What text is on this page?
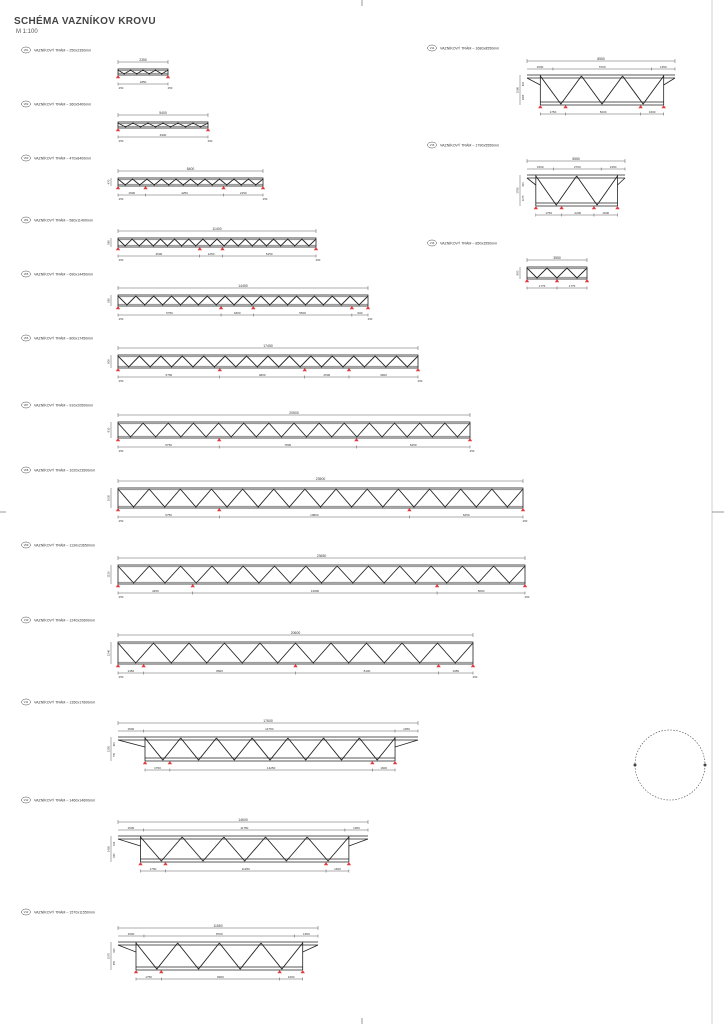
SCHÉMA VAZNÍKOV KROVU
M 1:100
V01 VAZNÍKOVÝ TRÁM – 250x2350mm
2350
1850
250	250
V02 VAZNÍKOVÝ TRÁM – 360x5400mm
5400
4900
250	250
V03 VAZNÍKOVÝ TRÁM – 470x8400mm
8400
1500	4250	2150
250	250
470
V04 VAZNÍKOVÝ TRÁM – 580x11400mm
11400
4500	1250	5150
250	250
580
V05 VAZNÍKOVÝ TRÁM – 690x14450mm
14450
5750	1800	5500	900
250	250
690
V06 VAZNÍKOVÝ TRÁM – 800x17450mm
17450
5750	4800	2500	3900
250	250
800
V07 VAZNÍKOVÝ TRÁM – 910x20500mm
20500
5750	7800	6450
250	250
910
V08 VAZNÍKOVÝ TRÁM – 1020x23500mm
23500
5750	10800	6450
250	250
1020
V09 VAZNÍKOVÝ TRÁM – 1130x23650mm
23650
4250	13900	5000
250	250
1130
V10 VAZNÍKOVÝ TRÁM – 1240x20600mm
20600
1450	8600	8100	1950
250	250
1240
V11 VAZNÍKOVÝ TRÁM – 1350x17600mm
17600
1500	14750	1350
1750	14250	1600
1350
615
735
V12 VAZNÍKOVÝ TRÁM – 1460x14600mm
14600
1500	11750	1350
1750	11250	1600
1460
615
845
V13 VAZNÍKOVÝ TRÁM – 1570x11550mm
11550
1500	8700	1350
1750	8200	1600
1570
615
955
V14 VAZNÍKOVÝ TRÁM – 1680x8550mm
8550
1500	5700	1350
1750	5200	1600
1680
615
1065
V15 VAZNÍKOVÝ TRÁM – 1790x5550mm
5550
1500	2700	1350
1750	2200	1600
1790
615
1175
V16 VAZNÍKOVÝ TRÁM – 850x3550mm
3550
1775	1775
850
